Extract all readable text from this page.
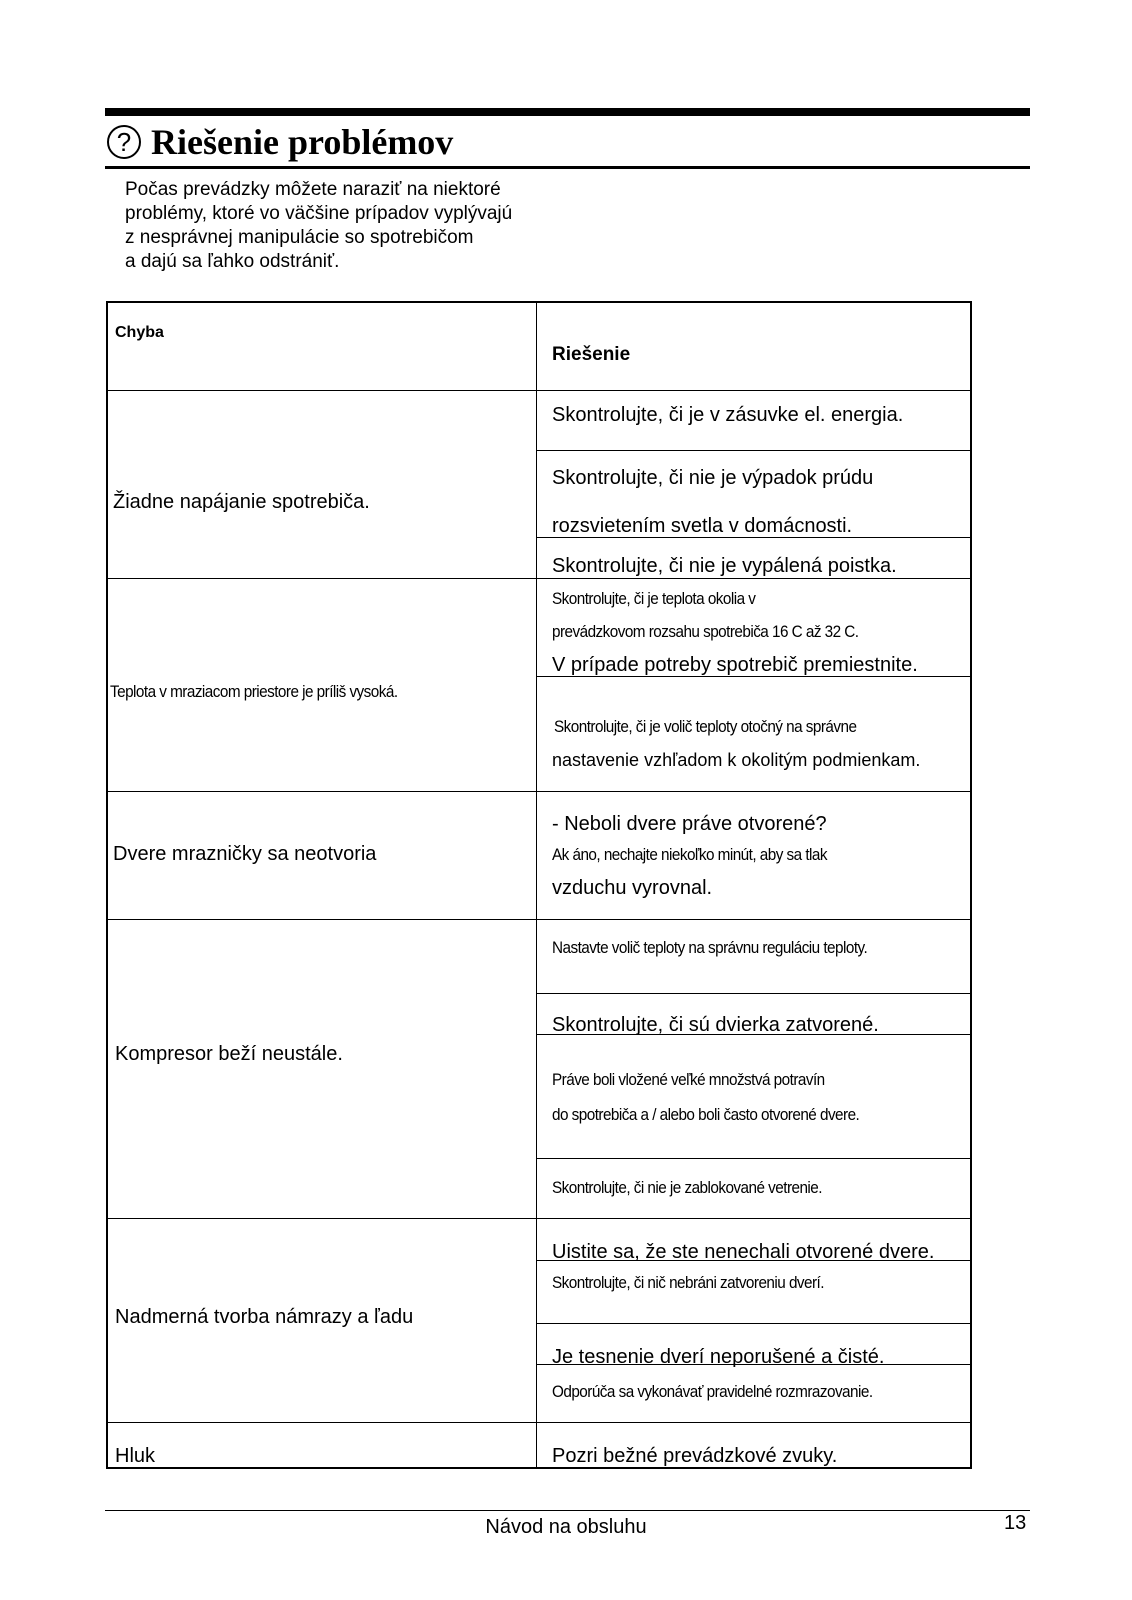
? Riešenie problémov
Počas prevádzky môžete naraziť na niektoré
problémy, ktoré vo väčšine prípadov vyplývajú
z nesprávnej manipulácie so spotrebičom
a dajú sa ľahko odstrániť.
Chyba
Riešenie
Žiadne napájanie spotrebiča.
Skontrolujte, či je v zásuvke el. energia.
Skontrolujte, či nie je výpadok prúdu
rozsvietením svetla v domácnosti.
Skontrolujte, či nie je vypálená poistka.
Teplota v mraziacom priestore je príliš vysoká.
Skontrolujte, či je teplota okolia v
prevádzkovom rozsahu spotrebiča 16 C až 32 C.
V prípade potreby spotrebič premiestnite.
Skontrolujte, či je volič teploty otočný na správne
nastavenie vzhľadom k okolitým podmienkam.
Dvere mrazničky sa neotvoria
- Neboli dvere práve otvorené?
Ak áno, nechajte niekoľko minút, aby sa tlak
vzduchu vyrovnal.
Kompresor beží neustále.
Nastavte volič teploty na správnu reguláciu teploty.
Skontrolujte, či sú dvierka zatvorené.
Práve boli vložené veľké množstvá potravín
do spotrebiča a / alebo boli často otvorené dvere.
Skontrolujte, či nie je zablokované vetrenie.
Nadmerná tvorba námrazy a ľadu
Uistite sa, že ste nenechali otvorené dvere.
Skontrolujte, či nič nebráni zatvoreniu dverí.
Je tesnenie dverí neporušené a čisté.
Odporúča sa vykonávať pravidelné rozmrazovanie.
Hluk	Pozri bežné prevádzkové zvuky.
Návod na obsluhu	13
